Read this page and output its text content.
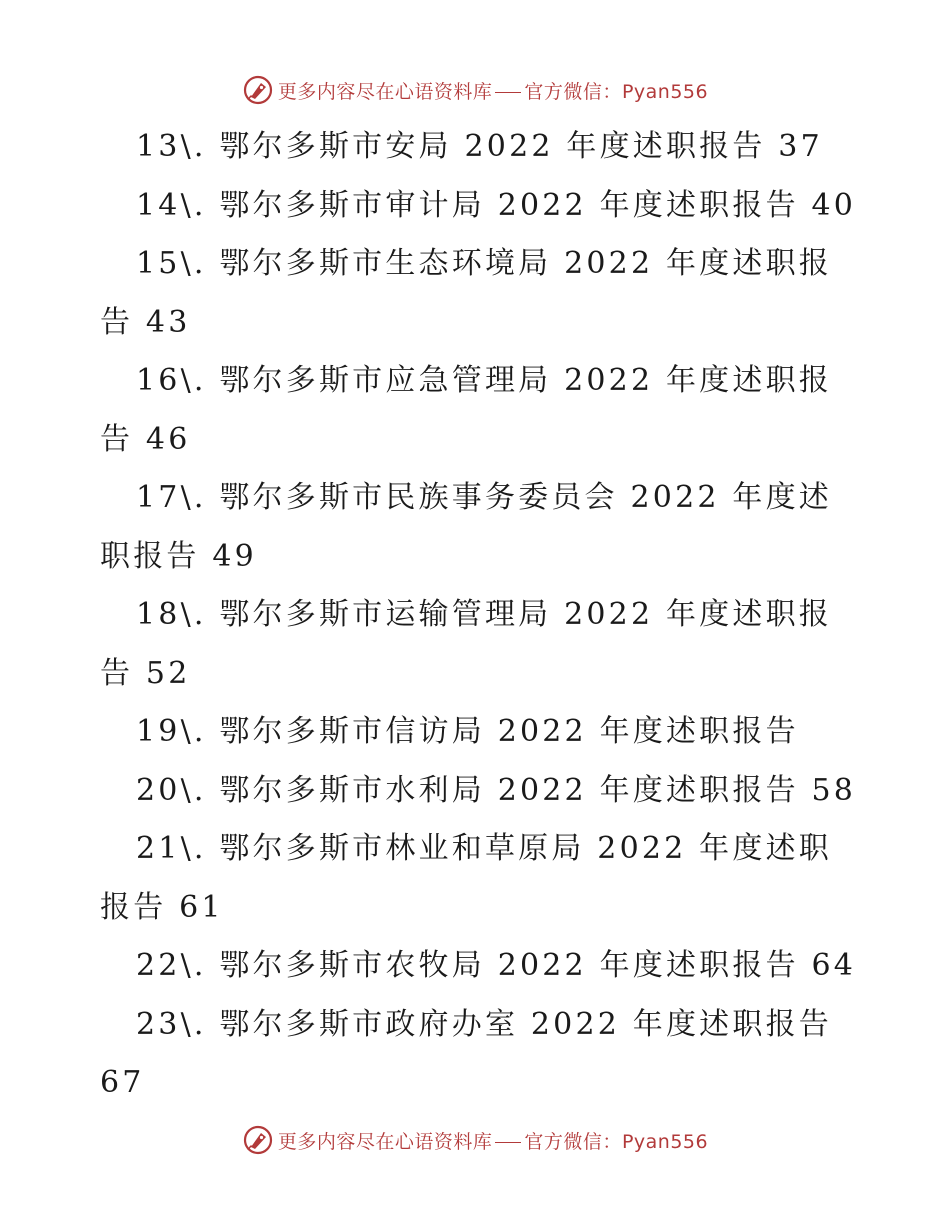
更多内容尽在心语资料库 官方微信：Pyan556
13\. 鄂尔多斯市安局 2022 年度述职报告 37
14\. 鄂尔多斯市审计局 2022 年度述职报告 40
15\. 鄂尔多斯市生态环境局 2022 年度述职报告 43
16\. 鄂尔多斯市应急管理局 2022 年度述职报告 46
17\. 鄂尔多斯市民族事务委员会 2022 年度述职报告 49
18\. 鄂尔多斯市运输管理局 2022 年度述职报告 52
19\. 鄂尔多斯市信访局 2022 年度述职报告
20\. 鄂尔多斯市水利局 2022 年度述职报告 58
21\. 鄂尔多斯市林业和草原局 2022 年度述职报告 61
22\. 鄂尔多斯市农牧局 2022 年度述职报告 64
23\. 鄂尔多斯市政府办室 2022 年度述职报告 67
更多内容尽在心语资料库 官方微信：Pyan556
